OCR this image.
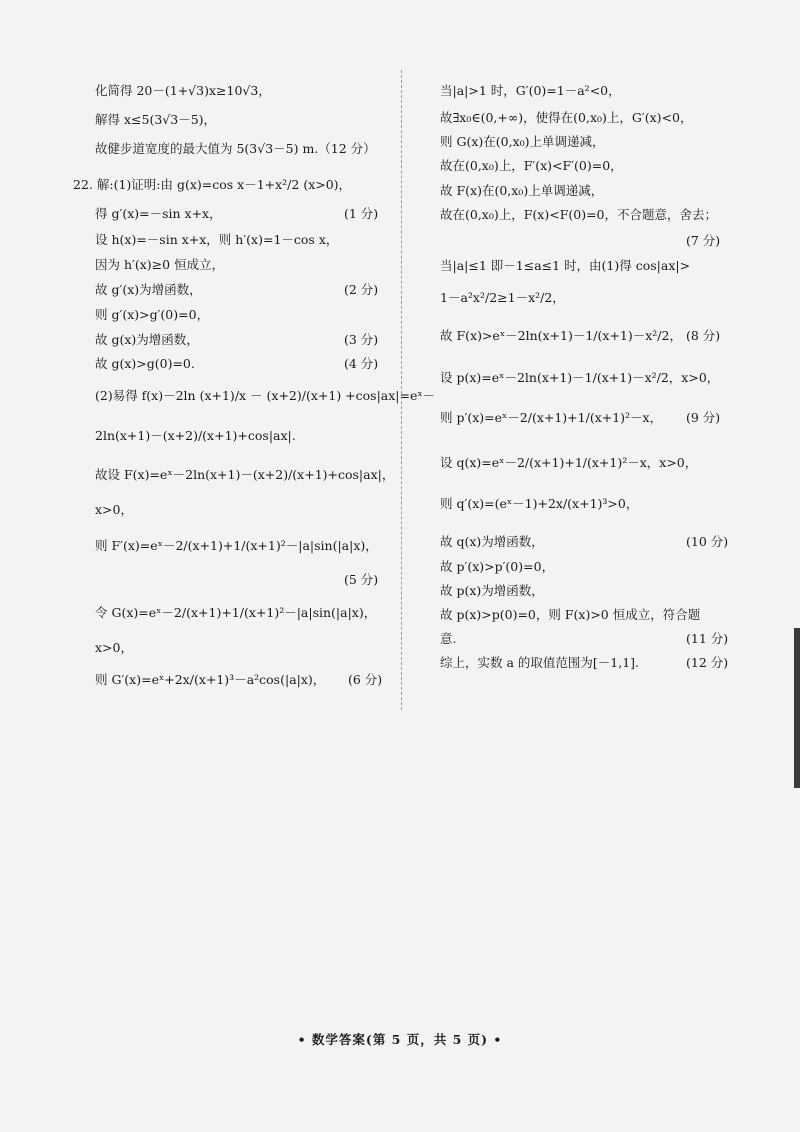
化简得 20－(1+√3)x≥10√3，
解得 x≤5(3√3－5)，
故健步道宽度的最大值为 5(3√3－5) m.（12 分）
22. 解:(1)证明:由 g(x)=cos x－1+x²/2 (x>0)，
得 g′(x)=－sin x+x，	(1 分)
设 h(x)=－sin x+x，则 h′(x)=1－cos x，
因为 h′(x)≥0 恒成立，
故 g′(x)为增函数，	(2 分)
则 g′(x)>g′(0)=0，
故 g(x)为增函数，	(3 分)
故 g(x)>g(0)=0.	(4 分)
(2)易得 f(x)－2ln (x+1)/x － (x+2)/(x+1) +cos|ax|=eˣ－
2ln(x+1)－(x+2)/(x+1)+cos|ax|.
故设 F(x)=eˣ－2ln(x+1)－(x+2)/(x+1)+cos|ax|，
x>0，
则 F′(x)=eˣ－2/(x+1)+1/(x+1)²－|a|sin(|a|x)，
(5 分)
令 G(x)=eˣ－2/(x+1)+1/(x+1)²－|a|sin(|a|x)，
x>0，
则 G′(x)=eˣ+2x/(x+1)³－a²cos(|a|x)， (6 分)
当|a|>1 时，G′(0)=1－a²<0，
故∃x₀∈(0,+∞)，使得在(0,x₀)上，G′(x)<0，
则 G(x)在(0,x₀)上单调递减，
故在(0,x₀)上，F′(x)<F′(0)=0，
故 F(x)在(0,x₀)上单调递减，
故在(0,x₀)上，F(x)<F(0)=0，不合题意，舍去；
(7 分)
当|a|≤1 即－1≤a≤1 时，由(1)得 cos|ax|>
1－a²x²/2≥1－x²/2，
故 F(x)>eˣ－2ln(x+1)－1/(x+1)－x²/2， (8 分)
设 p(x)=eˣ－2ln(x+1)－1/(x+1)－x²/2，x>0，
则 p′(x)=eˣ－2/(x+1)+1/(x+1)²－x， (9 分)
设 q(x)=eˣ－2/(x+1)+1/(x+1)²－x，x>0，
则 q′(x)=(eˣ－1)+2x/(x+1)³>0，
故 q(x)为增函数，	(10 分)
故 p′(x)>p′(0)=0，
故 p(x)为增函数，
故 p(x)>p(0)=0，则 F(x)>0 恒成立，符合题
意.	(11 分)
综上，实数 a 的取值范围为[－1,1].	(12 分)
• 数学答案(第 5 页，共 5 页) •
